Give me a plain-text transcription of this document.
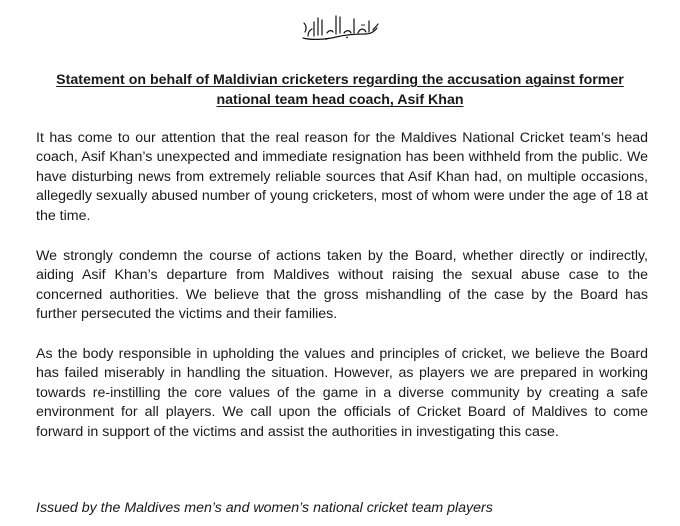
Statement on behalf of Maldivian cricketers regarding the accusation against former national team head coach, Asif Khan

It has come to our attention that the real reason for the Maldives National Cricket team’s head coach, Asif Khan’s unexpected and immediate resignation has been withheld from the public. We have disturbing news from extremely reliable sources that Asif Khan had, on multiple occasions, allegedly sexually abused number of young cricketers, most of whom were under the age of 18 at the time.

We strongly condemn the course of actions taken by the Board, whether directly or indirectly, aiding Asif Khan’s departure from Maldives without raising the sexual abuse case to the concerned authorities. We believe that the gross mishandling of the case by the Board has further persecuted the victims and their families.

As the body responsible in upholding the values and principles of cricket, we believe the Board has failed miserably in handling the situation. However, as players we are prepared in working towards re-instilling the core values of the game in a diverse community by creating a safe environment for all players. We call upon the officials of Cricket Board of Maldives to come forward in support of the victims and assist the authorities in investigating this case.

Issued by the Maldives men’s and women’s national cricket team players
